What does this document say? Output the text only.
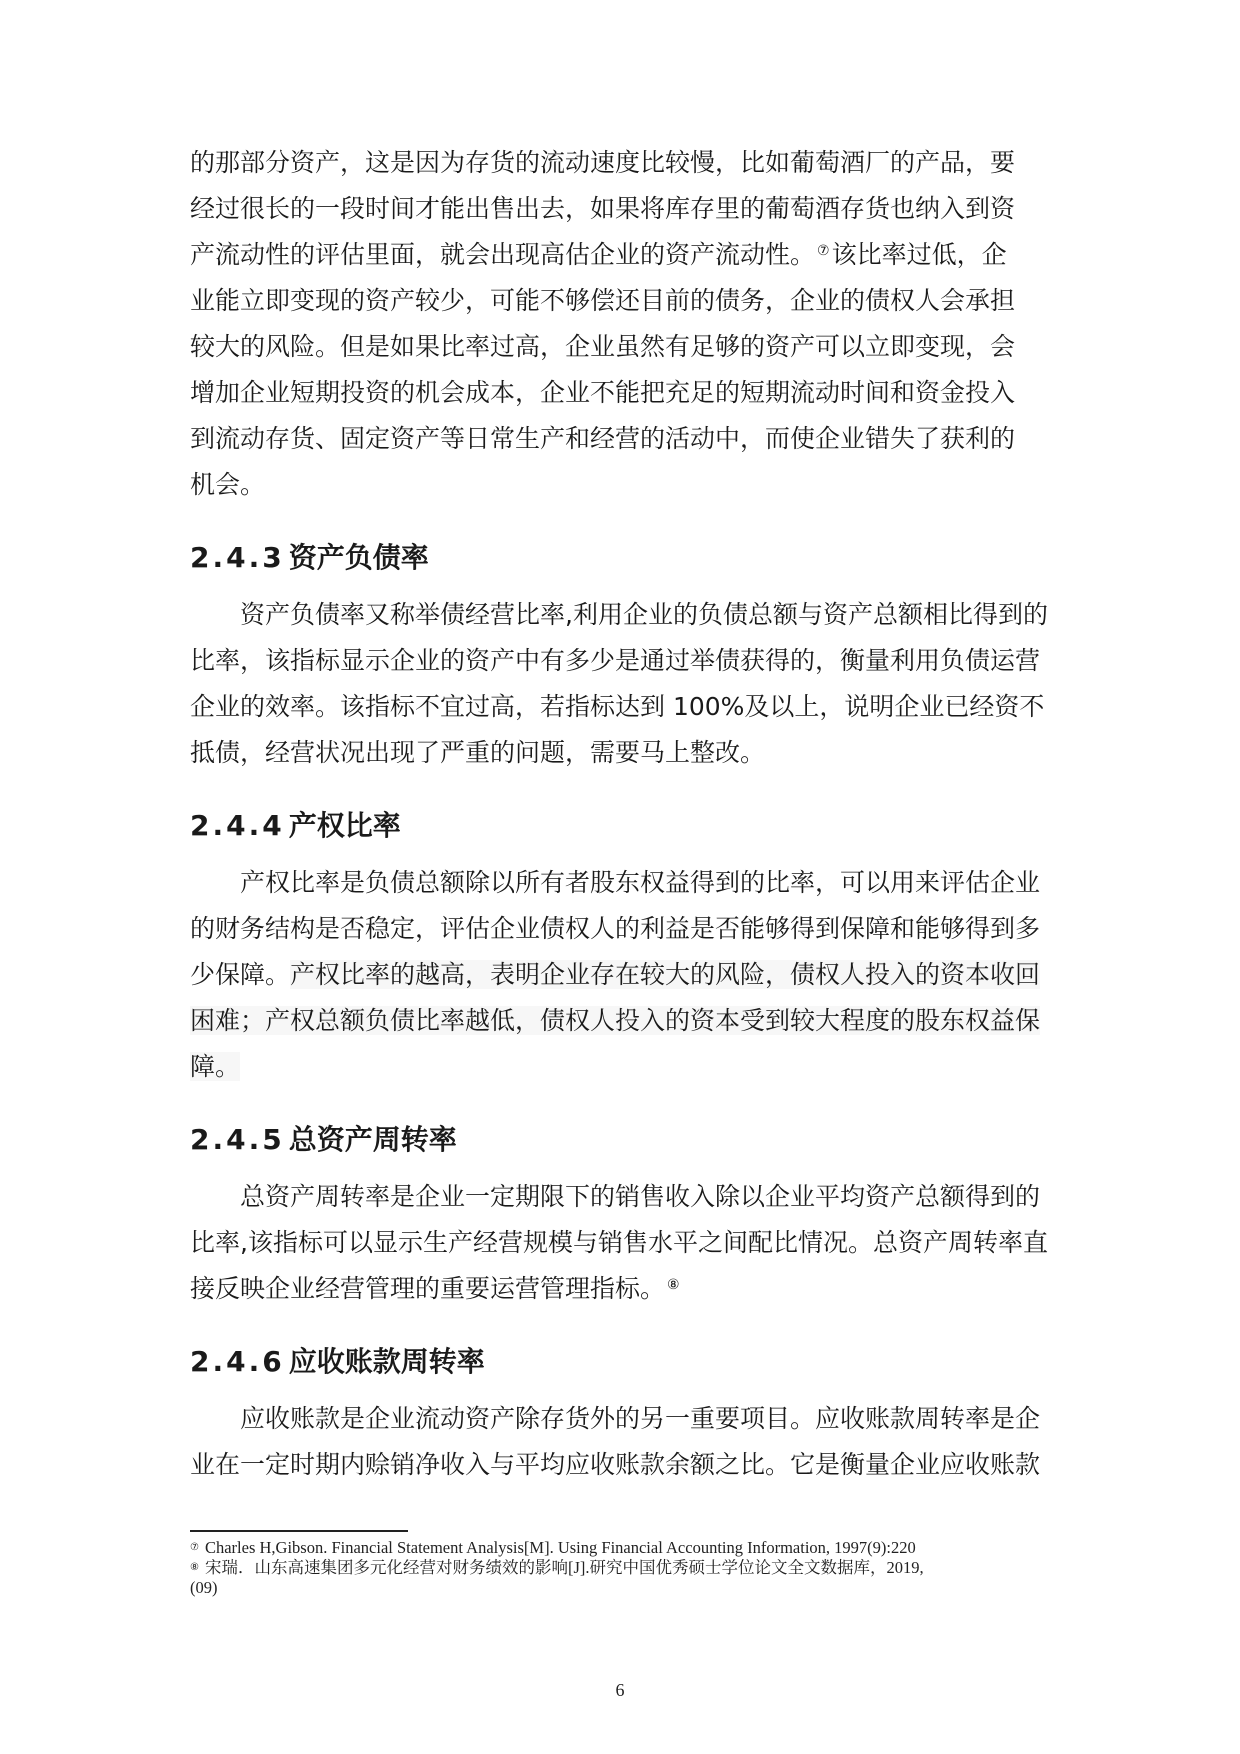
的那部分资产，这是因为存货的流动速度比较慢，比如葡萄酒厂的产品，要

经过很长的一段时间才能出售出去，如果将库存里的葡萄酒存货也纳入到资

产流动性的评估里面，就会出现高估企业的资产流动性。 ⑦该比率过低，企

业能立即变现的资产较少，可能不够偿还目前的债务，企业的债权人会承担

较大的风险。但是如果比率过高，企业虽然有足够的资产可以立即变现，会

增加企业短期投资的机会成本，企业不能把充足的短期流动时间和资金投入

到流动存货、固定资产等日常生产和经营的活动中，而使企业错失了获利的

机会。

2.4.3 资产负债率

资产负债率又称举债经营比率,利用企业的负债总额与资产总额相比得到的

比率，该指标显示企业的资产中有多少是通过举债获得的，衡量利用负债运营

企业的效率。该指标不宜过高，若指标达到 100%及以上，说明企业已经资不

抵债，经营状况出现了严重的问题，需要马上整改。

2.4.4 产权比率

产权比率是负债总额除以所有者股东权益得到的比率，可以用来评估企业

的财务结构是否稳定，评估企业债权人的利益是否能够得到保障和能够得到多

少保障。产权比率的越高，表明企业存在较大的风险，债权人投入的资本收回

困难；产权总额负债比率越低，债权人投入的资本受到较大程度的股东权益保

障。

2.4.5 总资产周转率

总资产周转率是企业一定期限下的销售收入除以企业平均资产总额得到的

比率,该指标可以显示生产经营规模与销售水平之间配比情况。总资产周转率直

接反映企业经营管理的重要运营管理指标。 ⑧

2.4.6 应收账款周转率

应收账款是企业流动资产除存货外的另一重要项目。应收账款周转率是企

业在一定时期内赊销净收入与平均应收账款余额之比。它是衡量企业应收账款

⑦ Charles H,Gibson. Financial Statement Analysis[M]. Using Financial Accounting Information, 1997(9):220

⑧ 宋瑞．山东高速集团多元化经营对财务绩效的影响[J].研究中国优秀硕士学位论文全文数据库，2019,

(09)

6
